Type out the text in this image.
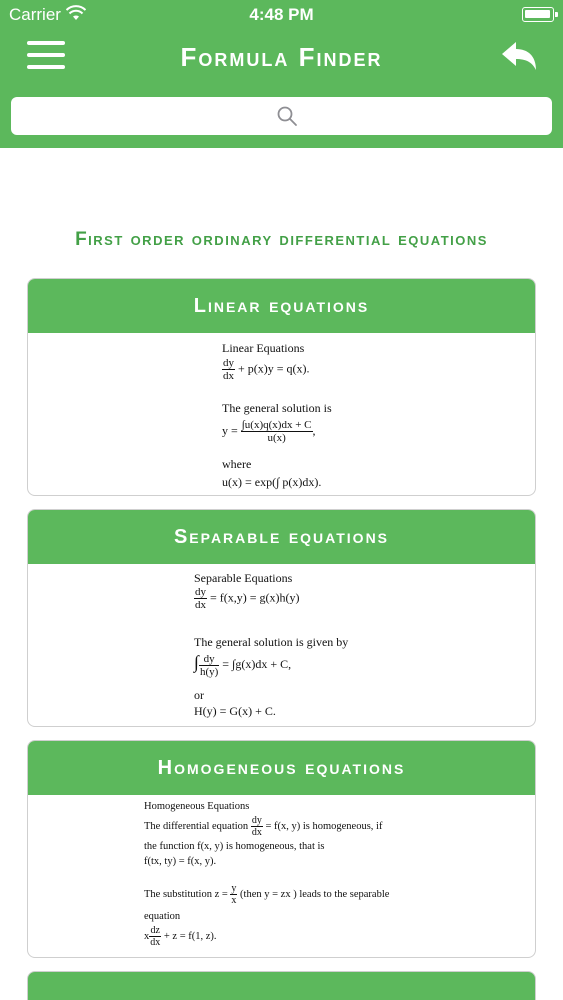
Carrier	4:48 PM
Formula Finder
First order ordinary differential equations
Linear equations
Linear Equations
$\frac{dy}{dx} + p(x)y = q(x)$.
The general solution is
$y = \frac{\int u(x)q(x)dx + C}{u(x)}$ ,
where
u(x) = exp(∫ p(x)dx).
Separable equations
Separable Equations
$\frac{dy}{dx} = f(x,y) = g(x)h(y)$
The general solution is given by
∫ $\frac{dy}{h(y)} = \int g(x)dx + C$,
or
H(y) = G(x) + C.
Homogeneous equations
Homogeneous Equations
The differential equation $\frac{dy}{dx} = f(x$, y) is homogeneous, if
the function f(x, y) is homogeneous, that is
f(tx, ty) = f(x, y).
The substitution $z = \frac{y}{x}$ (then y = zx ) leads to the separable
equation
x $\frac{dz}{dx} + z = f(1$, z).
